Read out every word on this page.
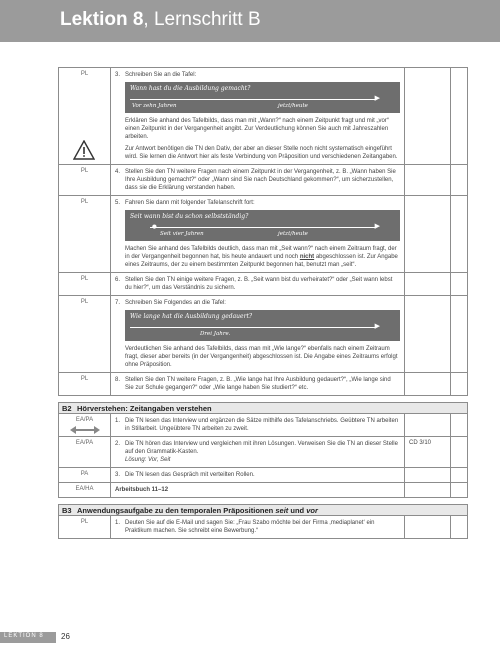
Lektion 8, Lernschritt B
PL	3. Schreiben Sie an die Tafel:
Wann hast du die Ausbildung gemacht?
▶
Vor zehn Jahren	jetzt/heute
Erklären Sie anhand des Tafelbilds, dass man mit „Wann?“ nach einem Zeitpunkt fragt und mit „vor“ einen Zeitpunkt in der Vergangenheit angibt. Zur Verdeutlichung können Sie auch mit Jahreszahlen arbeiten.
Zur Antwort benötigen die TN den Dativ, der aber an dieser Stelle noch nicht systematisch eingeführt wird. Sie lernen die Antwort hier als feste Verbindung von Präposition und verschiedenen Zeitangaben.
PL	4. Stellen Sie den TN weitere Fragen nach einem Zeitpunkt in der Vergangenheit, z. B. „Wann haben Sie Ihre Ausbildung gemacht?“ oder „Wann sind Sie nach Deutschland gekommen?“, um sicherzustellen, dass sie die Erklärung verstanden haben.
PL	5. Fahren Sie dann mit folgender Tafelanschrift fort:
Seit wann bist du schon selbstständig?
▶
●
Seit vier Jahren	jetzt/heute
Machen Sie anhand des Tafelbilds deutlich, dass man mit „Seit wann?“ nach einem Zeitraum fragt, der in der Vergangenheit begonnen hat, bis heute andauert und noch nicht abgeschlossen ist. Zur Angabe eines Zeitraums, der zu einem bestimmten Zeitpunkt begonnen hat, benutzt man „seit“.
PL	6. Stellen Sie den TN einige weitere Fragen, z. B. „Seit wann bist du verheiratet?“ oder „Seit wann lebst du hier?“, um das Verständnis zu sichern.
PL	7. Schreiben Sie Folgendes an die Tafel:
Wie lange hat die Ausbildung gedauert?
▶
Drei Jahre.
Verdeutlichen Sie anhand des Tafelbilds, dass man mit „Wie lange?“ ebenfalls nach einem Zeitraum fragt, dieser aber bereits (in der Vergangenheit) abgeschlossen ist. Die Angabe eines Zeitraums erfolgt ohne Präposition.
PL	8. Stellen Sie den TN weitere Fragen, z. B. „Wie lange hat Ihre Ausbildung gedauert?“, „Wie lange sind Sie zur Schule gegangen?“ oder „Wie lange haben Sie studiert?“ etc.
B2 Hörverstehen: Zeitangaben verstehen
EA/PA	1. Die TN lesen das Interview und ergänzen die Sätze mithilfe des Tafelanschriebs. Geübtere TN arbeiten in Stillarbeit. Ungeübtere TN arbeiten zu zweit.
EA/PA	2. Die TN hören das Interview und vergleichen mit ihren Lösungen. Verweisen Sie die TN an dieser Stelle auf den Grammatik-Kasten.
Lösung: Vor, Seit
CD 3/10
PA	3. Die TN lesen das Gespräch mit verteilten Rollen.
EA/HA	Arbeitsbuch 11–12
B3 Anwendungsaufgabe zu den temporalen Präpositionen seit und vor
PL	1. Deuten Sie auf die E-Mail und sagen Sie: „Frau Szabo möchte bei der Firma ‚mediaplanet‘ ein Praktikum machen. Sie schreibt eine Bewerbung.“
LEKTION 8 26
